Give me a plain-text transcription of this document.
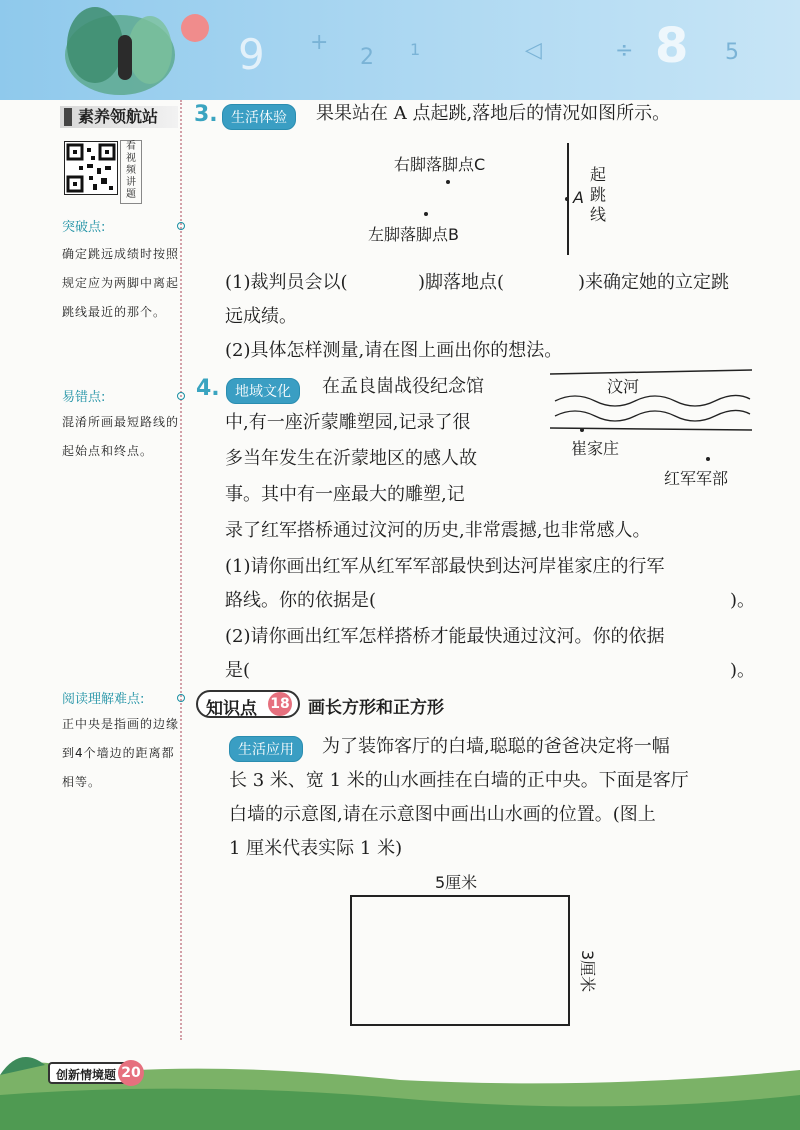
9 +
2 1	◁	÷ 8 5
素养领航站
看
视
频
讲
题
突破点:
确定跳远成绩时按照规定应为两脚中离起跳线最近的那个。
易错点:
混淆所画最短路线的起始点和终点。
阅读理解难点:
正中央是指画的边缘到4个墙边的距离都相等。
3. 生活体验	果果站在 A 点起跳,落地后的情况如图所示。
右脚落脚点C
左脚落脚点B
A
起
跳
线
(1)裁判员会以(	)脚落地点(	)来确定她的立定跳
远成绩。
(2)具体怎样测量,请在图上画出你的想法。
4.	地域文化	在孟良崮战役纪念馆
中,有一座沂蒙雕塑园,记录了很
多当年发生在沂蒙地区的感人故
事。其中有一座最大的雕塑,记
录了红军搭桥通过汶河的历史,非常震撼,也非常感人。
汶河
崔家庄
红军军部
(1)请你画出红军从红军军部最快到达河岸崔家庄的行军
路线。你的依据是(	)。
(2)请你画出红军怎样搭桥才能最快通过汶河。你的依据
是(	)。
知识点 18 画长方形和正方形
生活应用	为了装饰客厅的白墙,聪聪的爸爸决定将一幅
长 3 米、宽 1 米的山水画挂在白墙的正中央。下面是客厅
白墙的示意图,请在示意图中画出山水画的位置。(图上
1 厘米代表实际 1 米)
5厘米
3厘米
创新情境题 20
